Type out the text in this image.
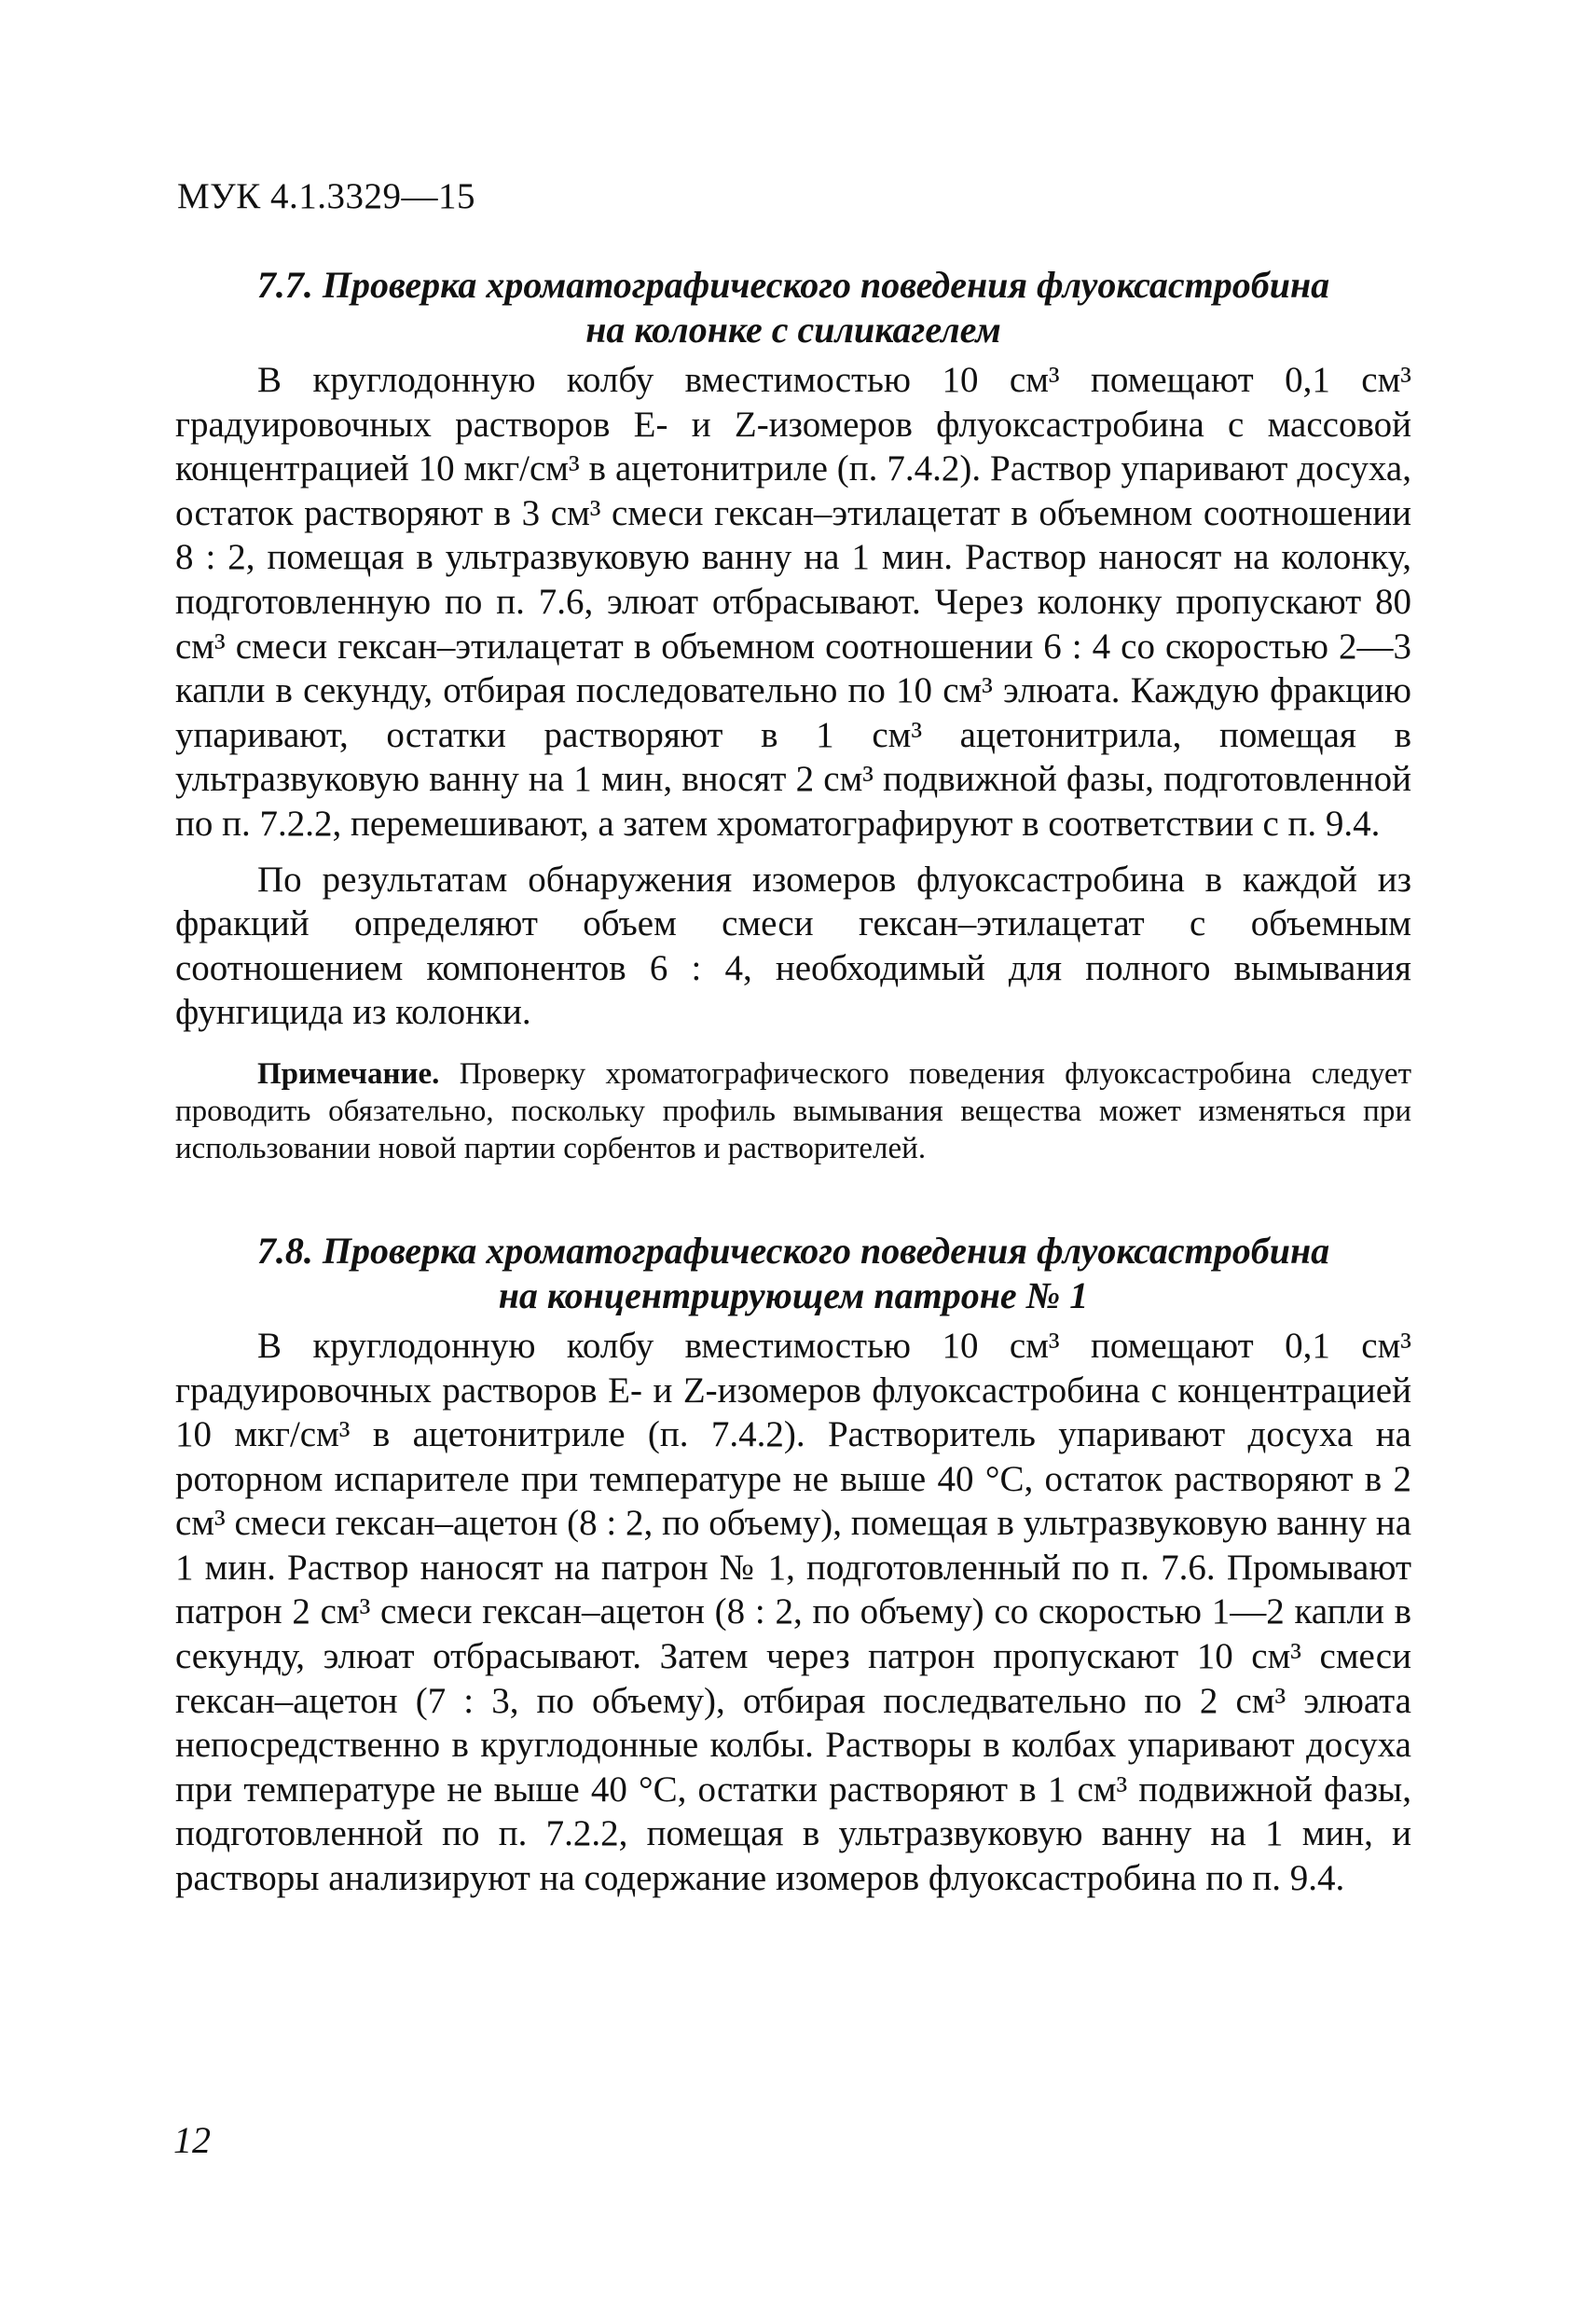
МУК 4.1.3329—15

7.7. Проверка хроматографического поведения флуоксастробина
на колонке с силикагелем

В круглодонную колбу вместимостью 10 см³ помещают 0,1 см³ градуировочных растворов Е- и Z-изомеров флуоксастробина с массовой концентрацией 10 мкг/см³ в ацетонитриле (п. 7.4.2). Раствор упаривают досуха, остаток растворяют в 3 см³ смеси гексан–этилацетат в объемном соотношении 8 : 2, помещая в ультразвуковую ванну на 1 мин. Раствор наносят на колонку, подготовленную по п. 7.6, элюат отбрасывают. Через колонку пропускают 80 см³ смеси гексан–этилацетат в объемном соотношении 6 : 4 со скоростью 2—3 капли в секунду, отбирая последовательно по 10 см³ элюата. Каждую фракцию упаривают, остатки растворяют в 1 см³ ацетонитрила, помещая в ультразвуковую ванну на 1 мин, вносят 2 см³ подвижной фазы, подготовленной по п. 7.2.2, перемешивают, а затем хроматографируют в соответствии с п. 9.4.

По результатам обнаружения изомеров флуоксастробина в каждой из фракций определяют объем смеси гексан–этилацетат с объемным соотношением компонентов 6 : 4, необходимый для полного вымывания фунгицида из колонки.

Примечание. Проверку хроматографического поведения флуоксастробина следует проводить обязательно, поскольку профиль вымывания вещества может изменяться при использовании новой партии сорбентов и растворителей.

7.8. Проверка хроматографического поведения флуоксастробина
на концентрирующем патроне № 1

В круглодонную колбу вместимостью 10 см³ помещают 0,1 см³ градуировочных растворов Е- и Z-изомеров флуоксастробина с концентрацией 10 мкг/см³ в ацетонитриле (п. 7.4.2). Растворитель упаривают досуха на роторном испарителе при температуре не выше 40 °С, остаток растворяют в 2 см³ смеси гексан–ацетон (8 : 2, по объему), помещая в ультразвуковую ванну на 1 мин. Раствор наносят на патрон № 1, подготовленный по п. 7.6. Промывают патрон 2 см³ смеси гексан–ацетон (8 : 2, по объему) со скоростью 1—2 капли в секунду, элюат отбрасывают. Затем через патрон пропускают 10 см³ смеси гексан–ацетон (7 : 3, по объему), отбирая последвательно по 2 см³ элюата непосредственно в круглодонные колбы. Растворы в колбах упаривают досуха при температуре не выше 40 °С, остатки растворяют в 1 см³ подвижной фазы, подготовленной по п. 7.2.2, помещая в ультразвуковую ванну на 1 мин, и растворы анализируют на содержание изомеров флуоксастробина по п. 9.4.

12
